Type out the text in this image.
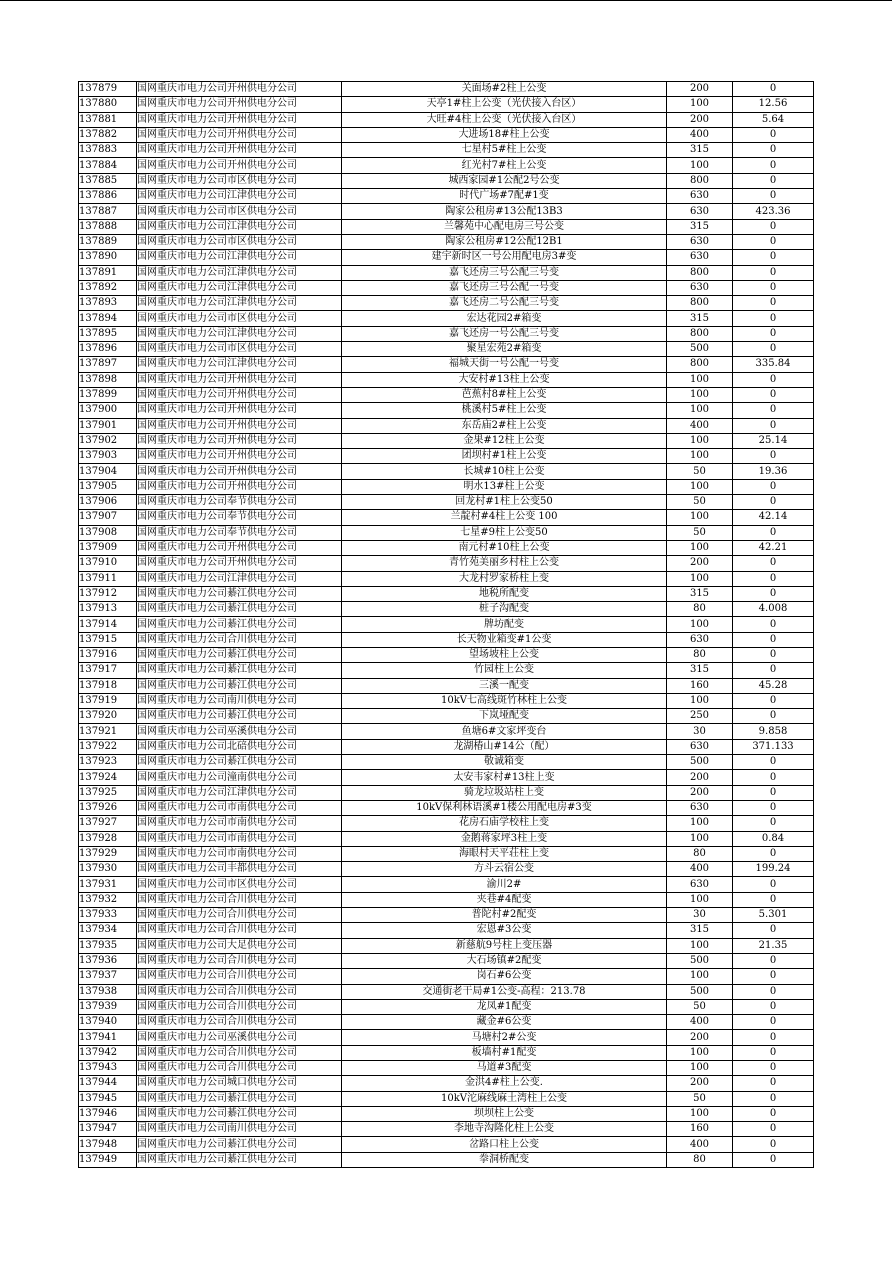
137879	国网重庆市电力公司开州供电分公司	关面场#2柱上公变	200	0
137880	国网重庆市电力公司开州供电分公司	天亭1#柱上公变（光伏接入台区）	100	12.56
137881	国网重庆市电力公司开州供电分公司	大旺#4柱上公变（光伏接入台区）	200	5.64
137882	国网重庆市电力公司开州供电分公司	大进场18#柱上公变	400	0
137883	国网重庆市电力公司开州供电分公司	七星村5#柱上公变	315	0
137884	国网重庆市电力公司开州供电分公司	红光村7#柱上公变	100	0
137885	国网重庆市电力公司市区供电分公司	城西家园#1公配2号公变	800	0
137886	国网重庆市电力公司江津供电分公司	时代广场#7配#1变	630	0
137887	国网重庆市电力公司市区供电分公司	陶家公租房#13公配13B3	630	423.36
137888	国网重庆市电力公司江津供电分公司	兰馨苑中心配电房三号公变	315	0
137889	国网重庆市电力公司市区供电分公司	陶家公租房#12公配12B1	630	0
137890	国网重庆市电力公司江津供电分公司	建宇新时区一号公用配电房3#变	630	0
137891	国网重庆市电力公司江津供电分公司	嘉飞还房三号公配三号变	800	0
137892	国网重庆市电力公司江津供电分公司	嘉飞还房三号公配一号变	630	0
137893	国网重庆市电力公司江津供电分公司	嘉飞还房二号公配三号变	800	0
137894	国网重庆市电力公司市区供电分公司	宏达花园2#箱变	315	0
137895	国网重庆市电力公司江津供电分公司	嘉飞还房一号公配三号变	800	0
137896	国网重庆市电力公司市区供电分公司	聚星宏苑2#箱变	500	0
137897	国网重庆市电力公司江津供电分公司	福城天街一号公配一号变	800	335.84
137898	国网重庆市电力公司开州供电分公司	大安村#13柱上公变	100	0
137899	国网重庆市电力公司开州供电分公司	芭蕉村8#柱上公变	100	0
137900	国网重庆市电力公司开州供电分公司	桃溪村5#柱上公变	100	0
137901	国网重庆市电力公司开州供电分公司	东岳庙2#柱上公变	400	0
137902	国网重庆市电力公司开州供电分公司	金果#12柱上公变	100	25.14
137903	国网重庆市电力公司开州供电分公司	团坝村#1柱上公变	100	0
137904	国网重庆市电力公司开州供电分公司	长城#10柱上公变	50	19.36
137905	国网重庆市电力公司开州供电分公司	明水13#柱上公变	100	0
137906	国网重庆市电力公司奉节供电分公司	回龙村#1柱上公变50	50	0
137907	国网重庆市电力公司奉节供电分公司	兰靛村#4柱上公变 100	100	42.14
137908	国网重庆市电力公司奉节供电分公司	七星#9柱上公变50	50	0
137909	国网重庆市电力公司开州供电分公司	南元村#10柱上公变	100	42.21
137910	国网重庆市电力公司开州供电分公司	青竹苑美丽乡村柱上公变	200	0
137911	国网重庆市电力公司江津供电分公司	大龙村罗家桥柱上变	100	0
137912	国网重庆市电力公司綦江供电分公司	地税所配变	315	0
137913	国网重庆市电力公司綦江供电分公司	桩子沟配变	80	4.008
137914	国网重庆市电力公司綦江供电分公司	牌坊配变	100	0
137915	国网重庆市电力公司合川供电分公司	长天物业箱变#1公变	630	0
137916	国网重庆市电力公司綦江供电分公司	望场坡柱上公变	80	0
137917	国网重庆市电力公司綦江供电分公司	竹园柱上公变	315	0
137918	国网重庆市电力公司綦江供电分公司	三溪一配变	160	45.28
137919	国网重庆市电力公司南川供电分公司	10kV七高线斑竹林柱上公变	100	0
137920	国网重庆市电力公司綦江供电分公司	下岚垭配变	250	0
137921	国网重庆市电力公司巫溪供电分公司	鱼塘6#文家坪变台	30	9.858
137922	国网重庆市电力公司北碚供电分公司	龙湖椿山#14公（配）	630	371.133
137923	国网重庆市电力公司綦江供电分公司	敬诚箱变	500	0
137924	国网重庆市电力公司潼南供电分公司	太安韦家村#13柱上变	200	0
137925	国网重庆市电力公司江津供电分公司	骑龙垃圾站柱上变	200	0
137926	国网重庆市电力公司市南供电分公司	10kV保利林语溪#1楼公用配电房#3变	630	0
137927	国网重庆市电力公司市南供电分公司	花房石庙学校柱上变	100	0
137928	国网重庆市电力公司市南供电分公司	金鹅蒋家坪3柱上变	100	0.84
137929	国网重庆市电力公司市南供电分公司	海眼村天平荘柱上变	80	0
137930	国网重庆市电力公司丰都供电分公司	方斗云宿公变	400	199.24
137931	国网重庆市电力公司市区供电分公司	渝川2#	630	0
137932	国网重庆市电力公司合川供电分公司	夹巷#4配变	100	0
137933	国网重庆市电力公司合川供电分公司	普陀村#2配变	30	5.301
137934	国网重庆市电力公司合川供电分公司	宏恩#3公变	315	0
137935	国网重庆市电力公司大足供电分公司	新慈航9号柱上变压器	100	21.35
137936	国网重庆市电力公司合川供电分公司	大石场镇#2配变	500	0
137937	国网重庆市电力公司合川供电分公司	岗石#6公变	100	0
137938	国网重庆市电力公司合川供电分公司	交通街老干局#1公变-高程：213.78	500	0
137939	国网重庆市电力公司合川供电分公司	龙凤#1配变	50	0
137940	国网重庆市电力公司合川供电分公司	藏金#6公变	400	0
137941	国网重庆市电力公司巫溪供电分公司	马塘村2#公变	200	0
137942	国网重庆市电力公司合川供电分公司	板墙村#1配变	100	0
137943	国网重庆市电力公司合川供电分公司	马道#3配变	100	0
137944	国网重庆市电力公司城口供电分公司	金洪4#柱上公变.	200	0
137945	国网重庆市电力公司綦江供电分公司	10kV沱麻线麻土湾柱上公变	50	0
137946	国网重庆市电力公司綦江供电分公司	坝坝柱上公变	100	0
137947	国网重庆市电力公司南川供电分公司	李地寺沟隆化柱上公变	160	0
137948	国网重庆市电力公司綦江供电分公司	岔路口柱上公变	400	0
137949	国网重庆市电力公司綦江供电分公司	拳洞桥配变	80	0
